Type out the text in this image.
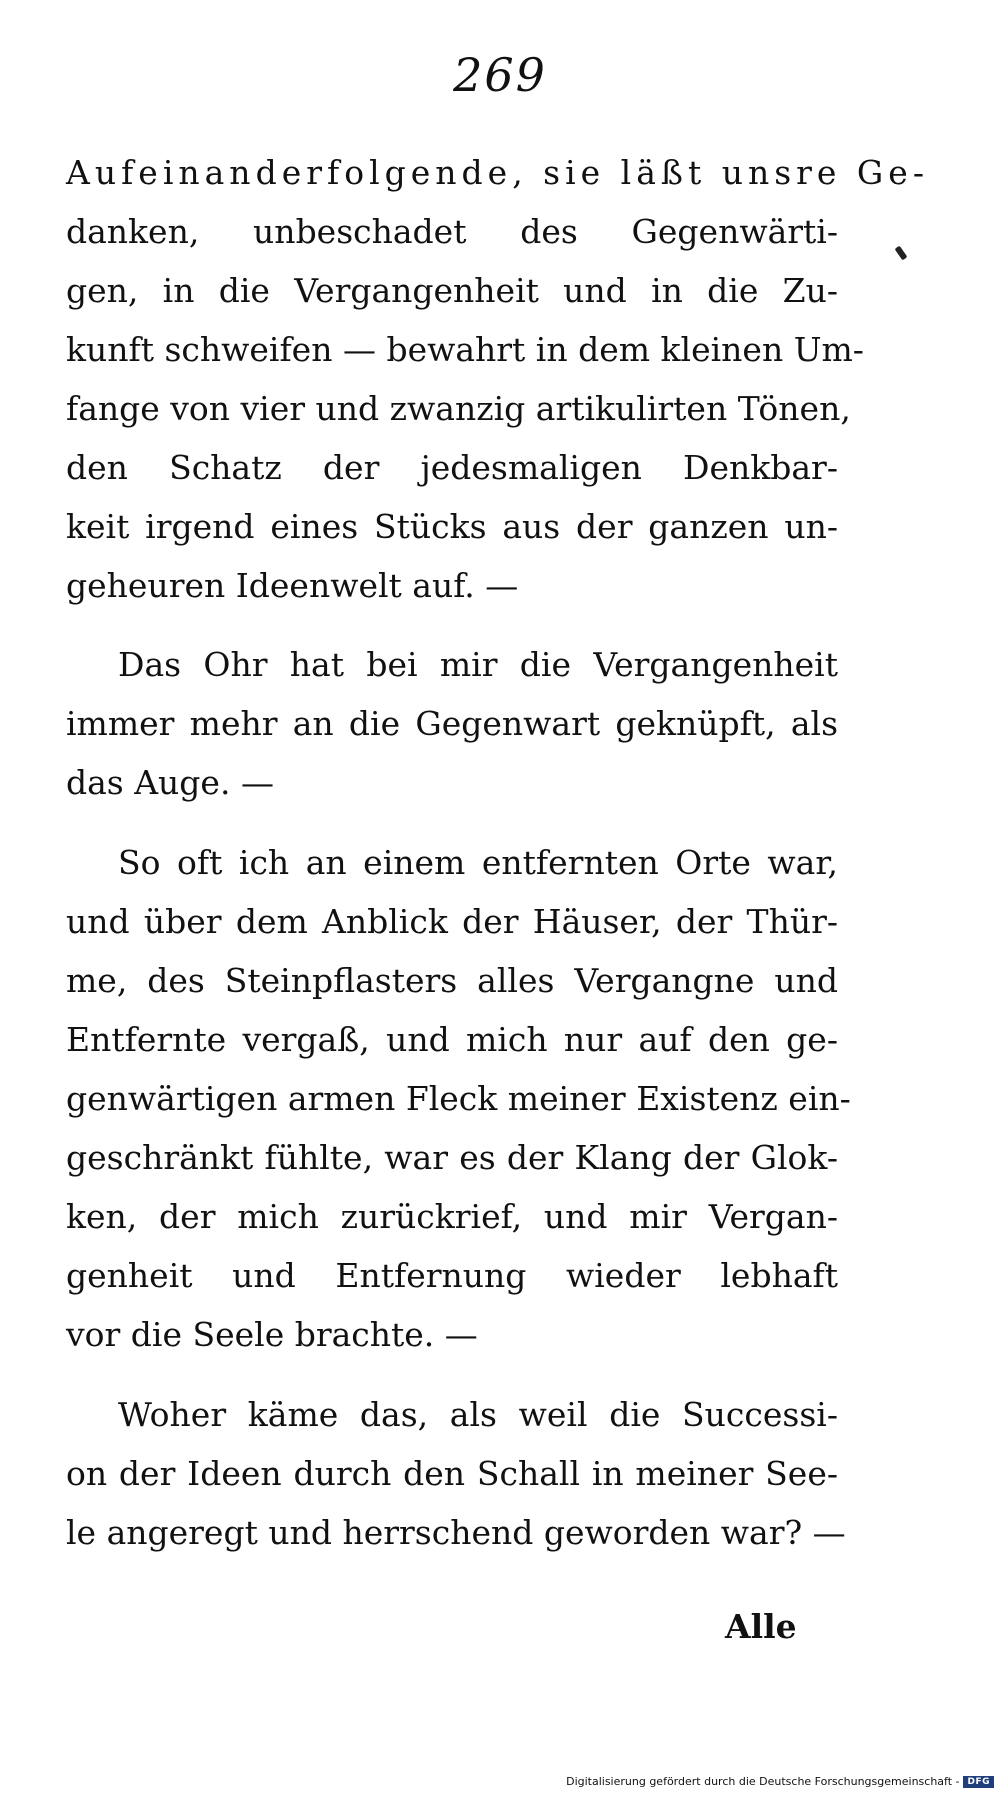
269
Aufeinanderfolgende, sie läßt unsre Ge-
danken, unbeschadet des Gegenwärti-
gen, in die Vergangenheit und in die Zu-
kunft schweifen — bewahrt in dem kleinen Um-
fange von vier und zwanzig artikulirten Tönen,
den Schatz der jedesmaligen Denkbar-
keit irgend eines Stücks aus der ganzen un-
geheuren Ideenwelt auf. —
Das Ohr hat bei mir die Vergangenheit
immer mehr an die Gegenwart geknüpft, als
das Auge. —
So oft ich an einem entfernten Orte war,
und über dem Anblick der Häuser, der Thür-
me, des Steinpflasters alles Vergangne und
Entfernte vergaß, und mich nur auf den ge-
genwärtigen armen Fleck meiner Existenz ein-
geschränkt fühlte, war es der Klang der Glok-
ken, der mich zurückrief, und mir Vergan-
genheit und Entfernung wieder lebhaft
vor die Seele brachte. —
Woher käme das, als weil die Successi-
on der Ideen durch den Schall in meiner See-
le angeregt und herrschend geworden war? —
Alle
Digitalisierung gefördert durch die Deutsche Forschungsgemeinschaft - DFG
